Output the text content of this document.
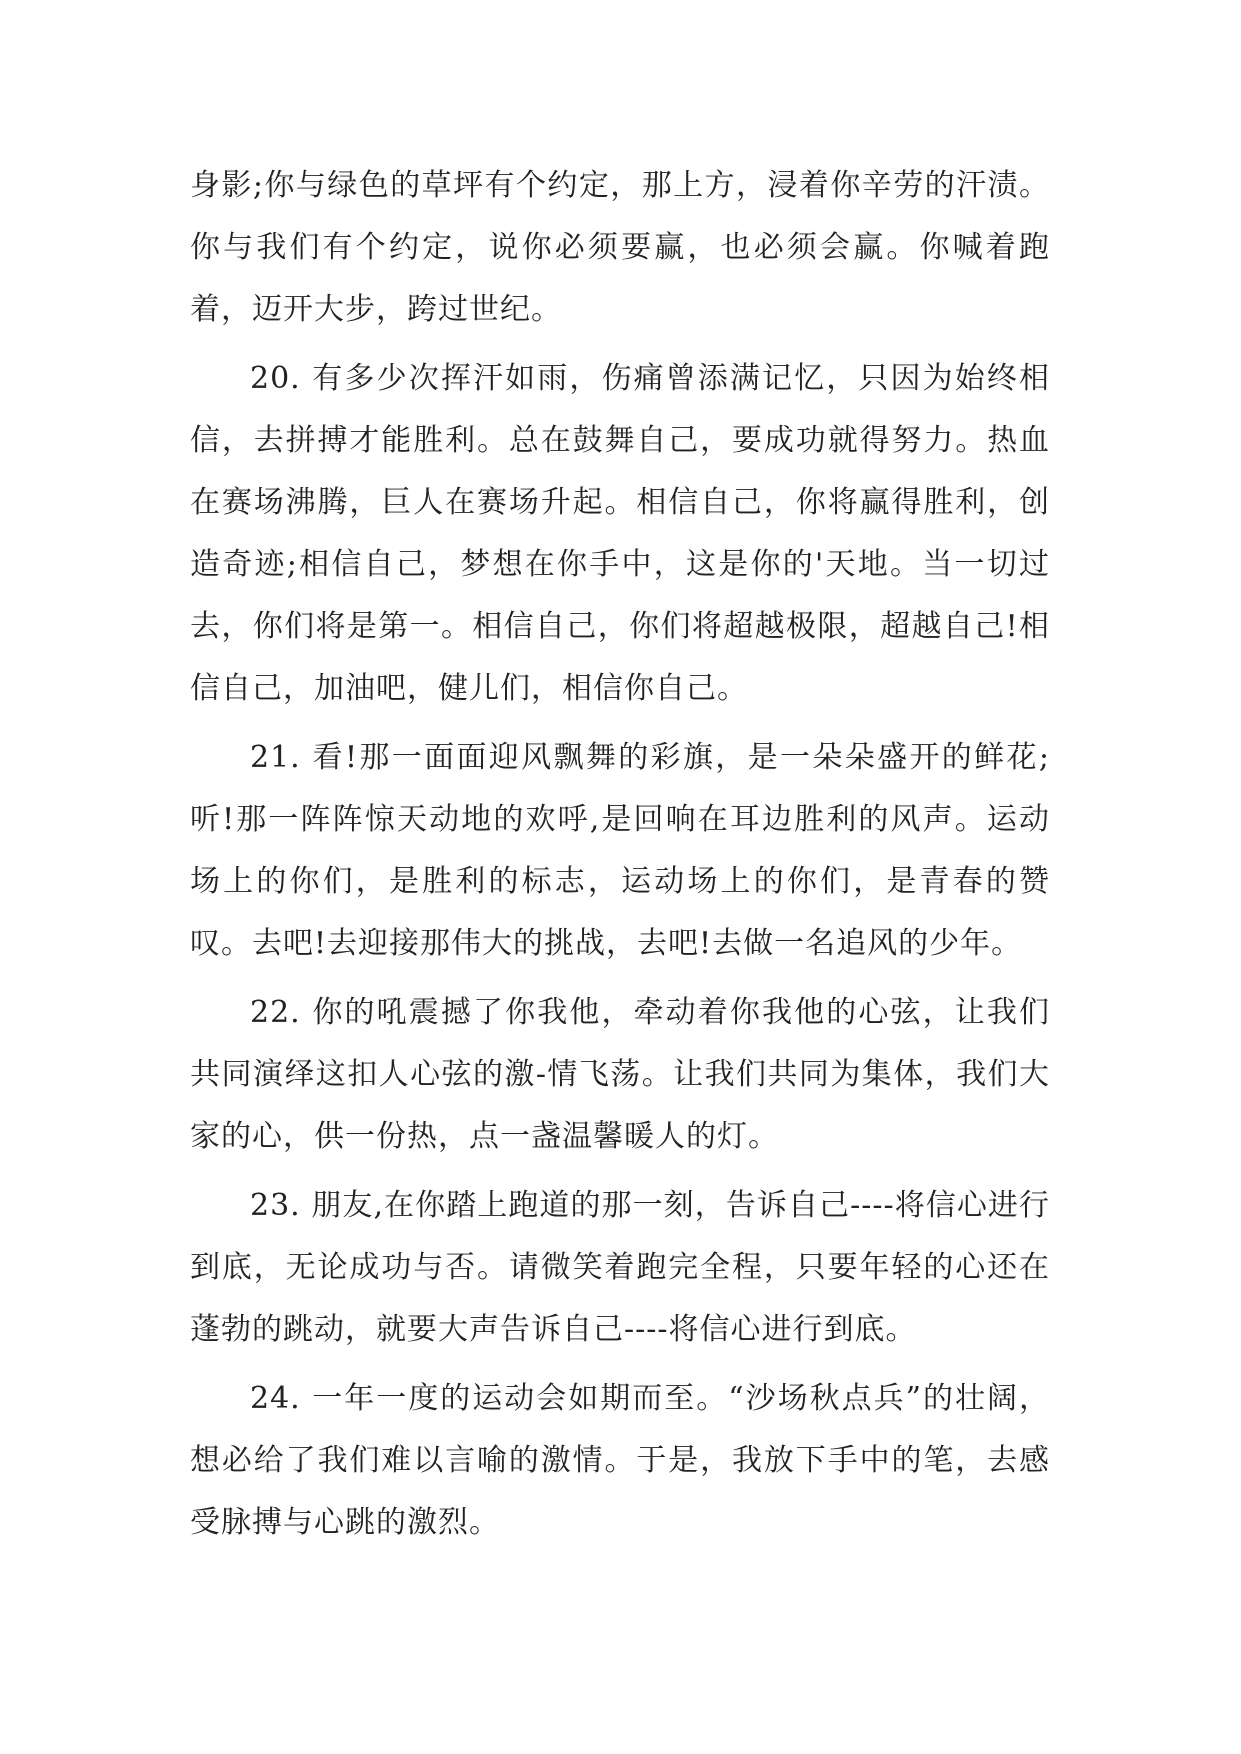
身影;你与绿色的草坪有个约定，那上方，浸着你辛劳的汗渍。你与我们有个约定，说你必须要赢，也必须会赢。你喊着跑着，迈开大步，跨过世纪。

20. 有多少次挥汗如雨，伤痛曾添满记忆，只因为始终相信，去拼搏才能胜利。总在鼓舞自己，要成功就得努力。热血在赛场沸腾，巨人在赛场升起。相信自己，你将赢得胜利，创造奇迹;相信自己，梦想在你手中，这是你的'天地。当一切过去，你们将是第一。相信自己，你们将超越极限，超越自己!相信自己，加油吧，健儿们，相信你自己。

21. 看!那一面面迎风飘舞的彩旗，是一朵朵盛开的鲜花;听!那一阵阵惊天动地的欢呼,是回响在耳边胜利的风声。运动场上的你们，是胜利的标志，运动场上的你们，是青春的赞叹。去吧!去迎接那伟大的挑战，去吧!去做一名追风的少年。

22. 你的吼震撼了你我他，牵动着你我他的心弦，让我们共同演绎这扣人心弦的激-情飞荡。让我们共同为集体，我们大家的心，供一份热，点一盏温馨暖人的灯。

23. 朋友,在你踏上跑道的那一刻，告诉自己----将信心进行到底，无论成功与否。请微笑着跑完全程，只要年轻的心还在蓬勃的跳动，就要大声告诉自己----将信心进行到底。

24. 一年一度的运动会如期而至。“沙场秋点兵”的壮阔，想必给了我们难以言喻的激情。于是，我放下手中的笔，去感受脉搏与心跳的激烈。
